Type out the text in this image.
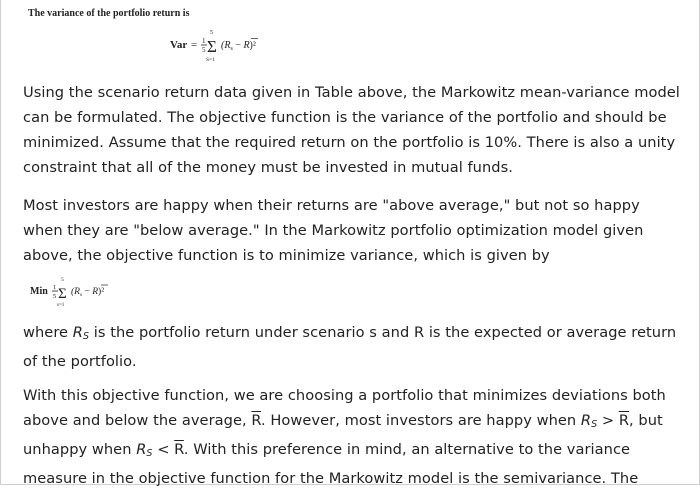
The variance of the portfolio return is
Var = 1
5
5
Σ
S=1
$(R_s - R)^2$

Using the scenario return data given in Table above, the Markowitz mean-variance model
can be formulated. The objective function is the variance of the portfolio and should be
minimized. Assume that the required return on the portfolio is 10%. There is also a unity
constraint that all of the money must be invested in mutual funds.

Most investors are happy when their returns are "above average," but not so happy
when they are "below average." In the Markowitz portfolio optimization model given
above, the objective function is to minimize variance, which is given by

Min 1
5
5
Σ
s=1
$(R_s - R)^2$

where $R_S$ is the portfolio return under scenario s and R is the expected or average return
of the portfolio.

With this objective function, we are choosing a portfolio that minimizes deviations both
above and below the average, $\overline{R}$. However, most investors are happy when $R_S > \overline{R}$, but
unhappy when $R_S < \overline{R}$. With this preference in mind, an alternative to the variance
measure in the objective function for the Markowitz model is the semivariance. The
